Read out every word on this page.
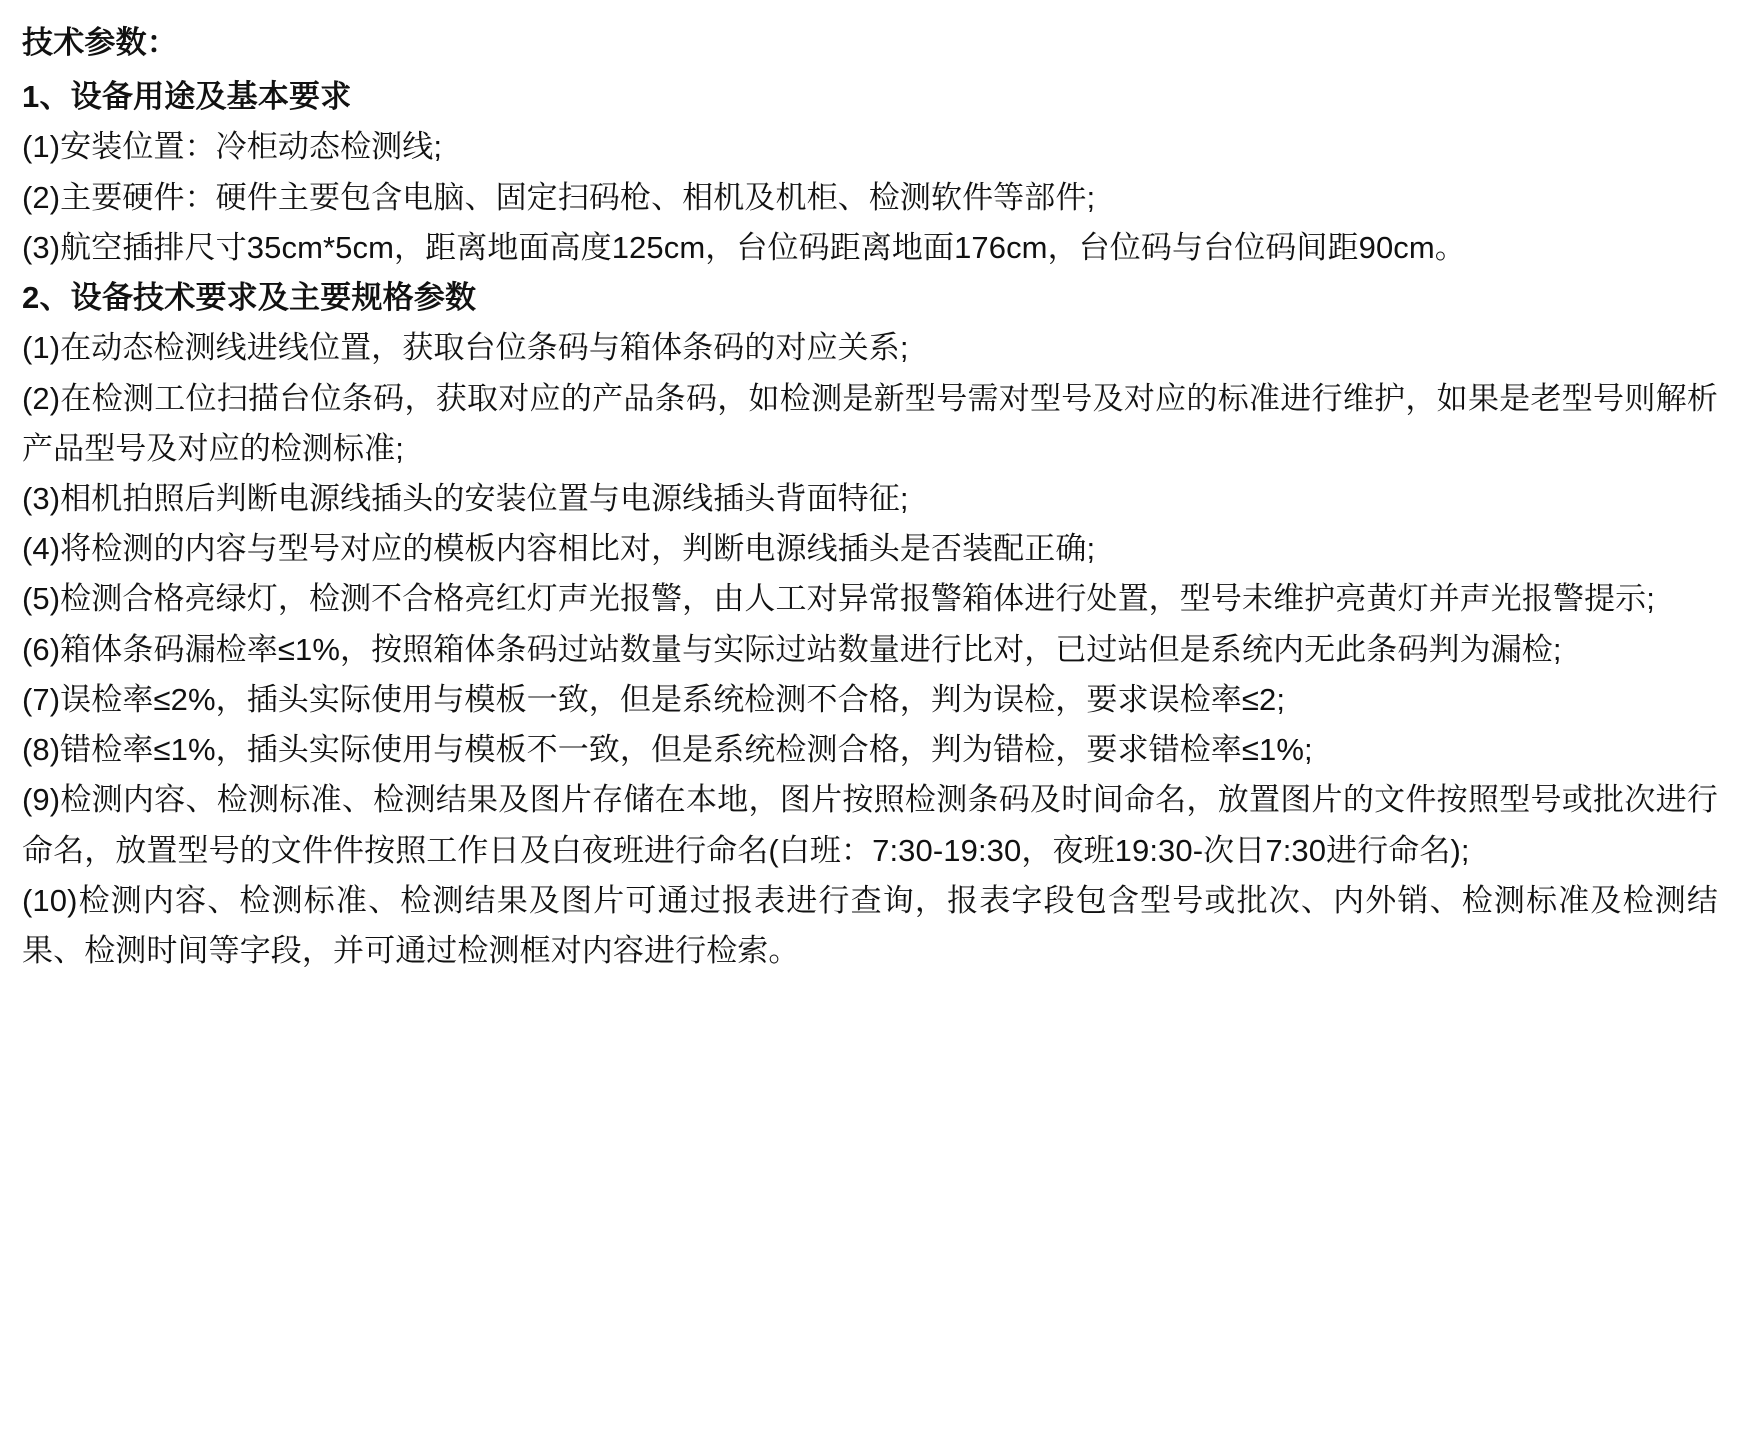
技术参数：
1、设备用途及基本要求

(1)安装位置：冷柜动态检测线;

(2)主要硬件：硬件主要包含电脑、固定扫码枪、相机及机柜、检测软件等部件;

(3)航空插排尺寸35cm*5cm，距离地面高度125cm，台位码距离地面176cm，台位码与台位码间距90cm。

2、设备技术要求及主要规格参数

(1)在动态检测线进线位置，获取台位条码与箱体条码的对应关系;

(2)在检测工位扫描台位条码，获取对应的产品条码，如检测是新型号需对型号及对应的标准进行维护，如果是老型号则解析产品型号及对应的检测标准;

(3)相机拍照后判断电源线插头的安装位置与电源线插头背面特征;

(4)将检测的内容与型号对应的模板内容相比对，判断电源线插头是否装配正确;

(5)检测合格亮绿灯，检测不合格亮红灯声光报警，由人工对异常报警箱体进行处置，型号未维护亮黄灯并声光报警提示;

(6)箱体条码漏检率≤1%，按照箱体条码过站数量与实际过站数量进行比对，已过站但是系统内无此条码判为漏检;

(7)误检率≤2%，插头实际使用与模板一致，但是系统检测不合格，判为误检，要求误检率≤2;

(8)错检率≤1%，插头实际使用与模板不一致，但是系统检测合格，判为错检，要求错检率≤1%;

(9)检测内容、检测标准、检测结果及图片存储在本地，图片按照检测条码及时间命名，放置图片的文件按照型号或批次进行命名，放置型号的文件件按照工作日及白夜班进行命名(白班：7:30-19:30，夜班19:30-次日7:30进行命名);

(10)检测内容、检测标准、检测结果及图片可通过报表进行查询，报表字段包含型号或批次、内外销、检测标准及检测结果、检测时间等字段，并可通过检测框对内容进行检索。
